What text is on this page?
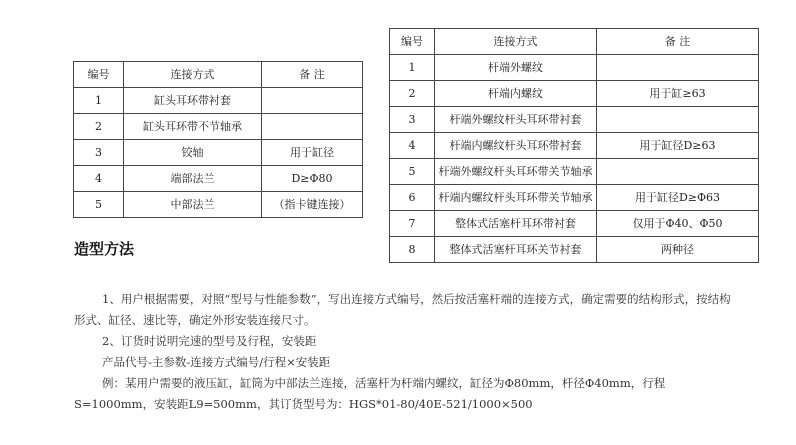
编号	连接方式	备 注
1	缸头耳环带衬套	
2	缸头耳环带不节轴承	
3	铰轴	用于缸径
4	端部法兰	D≥Φ80
5	中部法兰	（指卡键连接）
编号	连接方式	备 注
1	杆端外螺纹	
2	杆端内螺纹	用于缸≥63
3	杆端外螺纹杆头耳环带衬套	
4	杆端内螺纹杆头耳环带衬套	用于缸径D≥63
5	杆端外螺纹杆头耳环带关节轴承	
6	杆端内螺纹杆头耳环带关节轴承	用于缸径D≥Φ63
7	整体式活塞杆耳环带衬套	仅用于Φ40、Φ50
8	整体式活塞杆耳环关节衬套	两种径
造型方法

1、用户根据需要，对照“型号与性能参数”，写出连接方式编号，然后按活塞杆端的连接方式，确定需要的结构形式，按结构形式、缸径、速比等，确定外形安装连接尺寸。

2、订货时说明完速的型号及行程，安装距

产品代号-主参数-连接方式编号/行程×安装距

例：某用户需要的液压缸，缸筒为中部法兰连接，活塞杆为杆端内螺纹，缸径为Φ80mm，杆径Φ40mm，行程S=1000mm，安装距L9=500mm，其订货型号为：HGS*01-80/40E-521/1000×500
